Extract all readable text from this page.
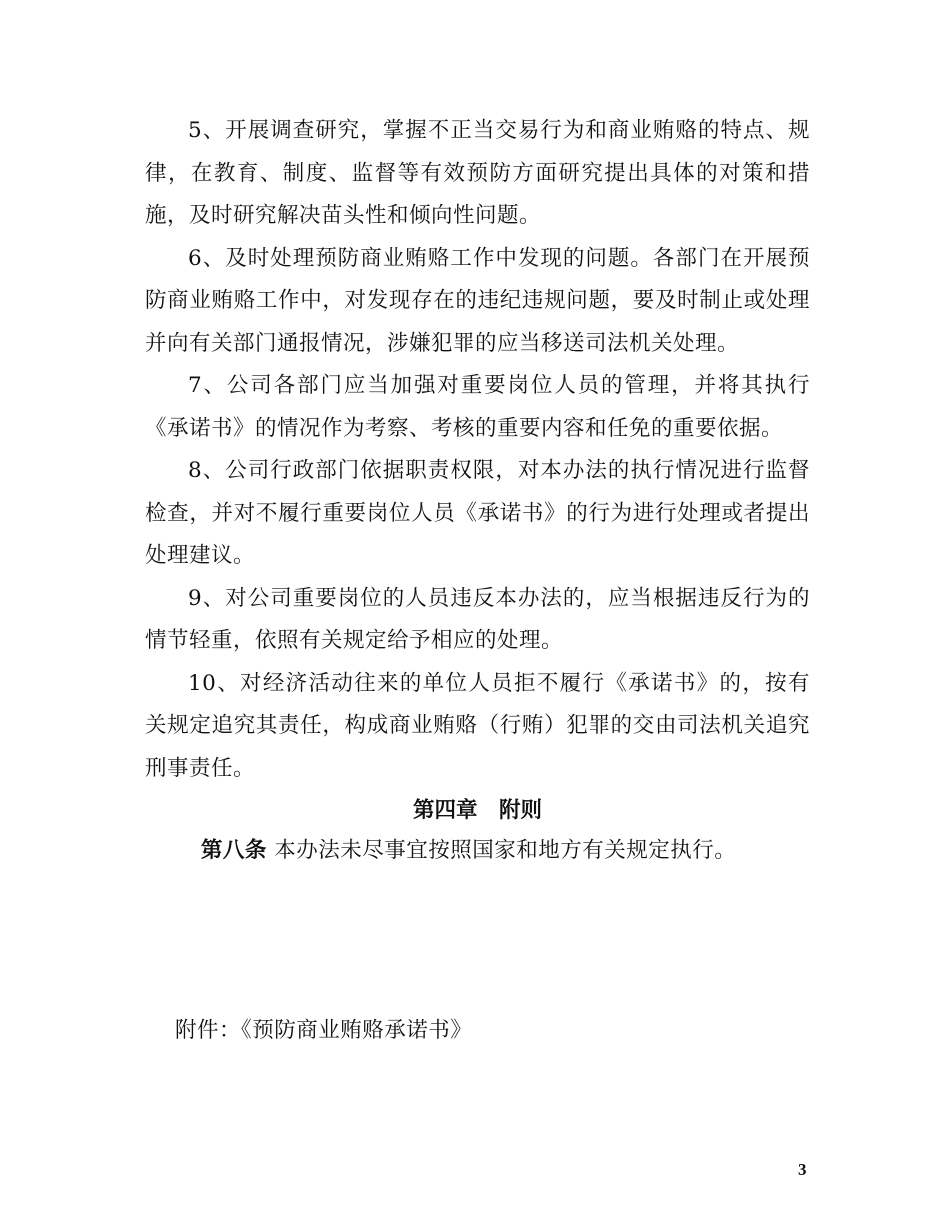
5、开展调查研究，掌握不正当交易行为和商业贿赂的特点、规律，在教育、制度、监督等有效预防方面研究提出具体的对策和措施，及时研究解决苗头性和倾向性问题。

6、及时处理预防商业贿赂工作中发现的问题。各部门在开展预防商业贿赂工作中，对发现存在的违纪违规问题，要及时制止或处理并向有关部门通报情况，涉嫌犯罪的应当移送司法机关处理。

7、公司各部门应当加强对重要岗位人员的管理，并将其执行《承诺书》的情况作为考察、考核的重要内容和任免的重要依据。

8、公司行政部门依据职责权限，对本办法的执行情况进行监督检查，并对不履行重要岗位人员《承诺书》的行为进行处理或者提出处理建议。

9、对公司重要岗位的人员违反本办法的，应当根据违反行为的情节轻重，依照有关规定给予相应的处理。

10、对经济活动往来的单位人员拒不履行《承诺书》的，按有关规定追究其责任，构成商业贿赂（行贿）犯罪的交由司法机关追究刑事责任。

第四章　附则

第八条 本办法未尽事宜按照国家和地方有关规定执行。

附件：《预防商业贿赂承诺书》
3
